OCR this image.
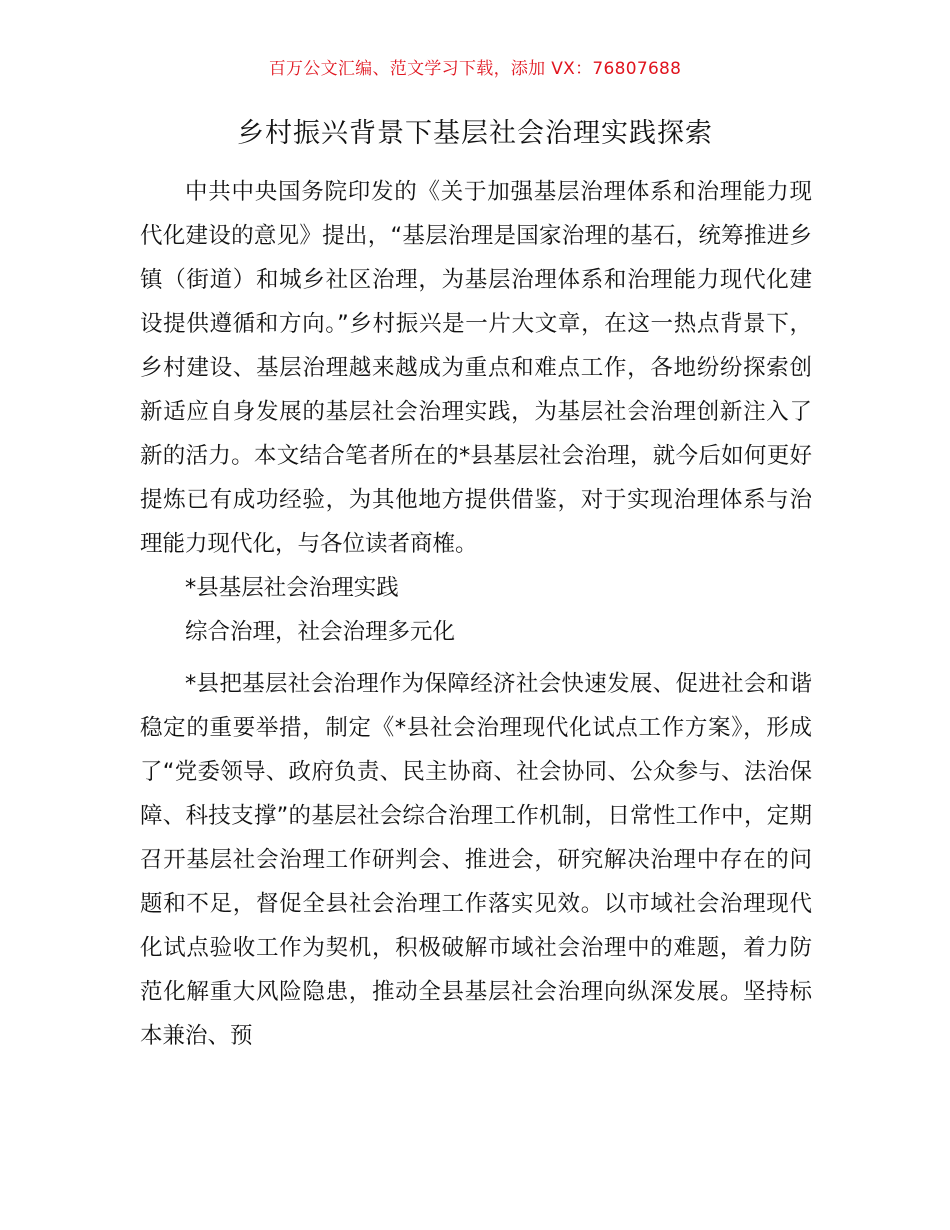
百万公文汇编、范文学习下载，添加 VX：76807688
乡村振兴背景下基层社会治理实践探索

中共中央国务院印发的《关于加强基层治理体系和治理能力现代化建设的意见》提出，“基层治理是国家治理的基石，统筹推进乡镇（街道）和城乡社区治理，为基层治理体系和治理能力现代化建设提供遵循和方向。”乡村振兴是一片大文章，在这一热点背景下，乡村建设、基层治理越来越成为重点和难点工作，各地纷纷探索创新适应自身发展的基层社会治理实践，为基层社会治理创新注入了新的活力。本文结合笔者所在的*县基层社会治理，就今后如何更好提炼已有成功经验，为其他地方提供借鉴，对于实现治理体系与治理能力现代化，与各位读者商榷。

*县基层社会治理实践

综合治理，社会治理多元化

*县把基层社会治理作为保障经济社会快速发展、促进社会和谐稳定的重要举措，制定《*县社会治理现代化试点工作方案》，形成了“党委领导、政府负责、民主协商、社会协同、公众参与、法治保障、科技支撑”的基层社会综合治理工作机制，日常性工作中，定期召开基层社会治理工作研判会、推进会，研究解决治理中存在的问题和不足，督促全县社会治理工作落实见效。以市域社会治理现代化试点验收工作为契机，积极破解市域社会治理中的难题，着力防范化解重大风险隐患，推动全县基层社会治理向纵深发展。坚持标本兼治、预
